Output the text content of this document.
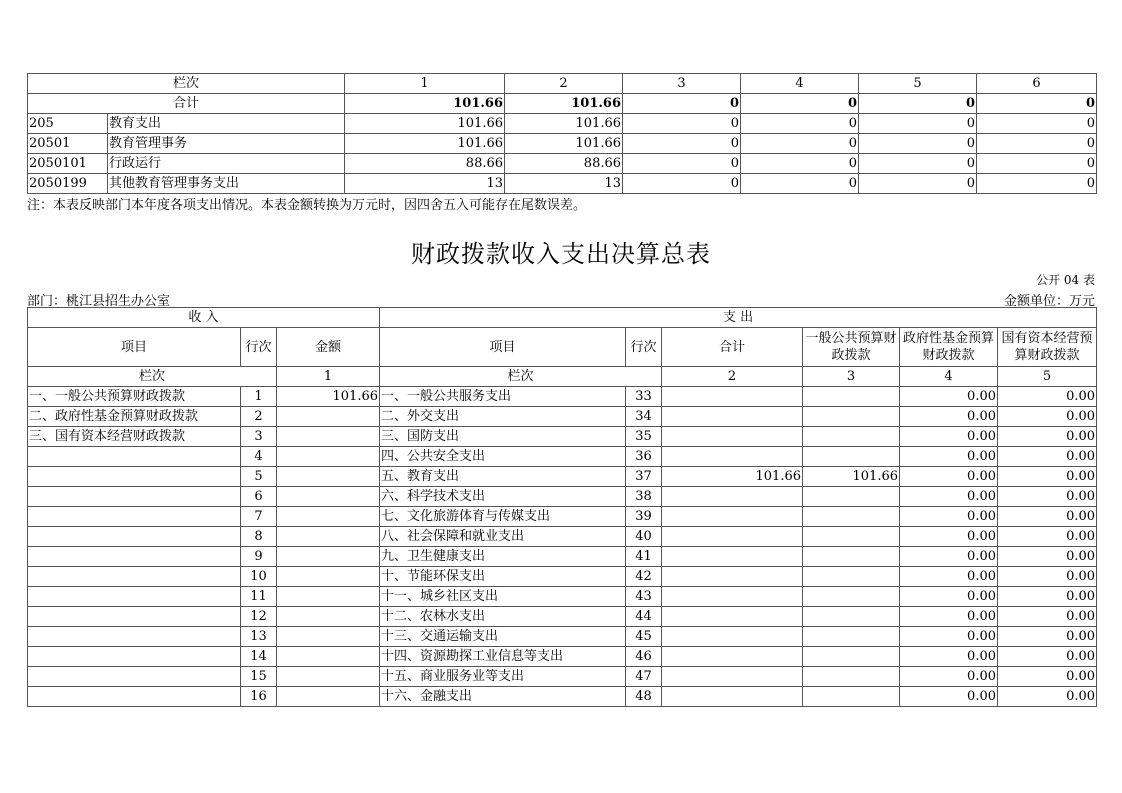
栏次		1	2	3	4	5	6
合计		101.66	101.66	0	0	0	0
205	教育支出	101.66	101.66	0	0	0	0
20501	教育管理事务	101.66	101.66	0	0	0	0
2050101	行政运行	88.66	88.66	0	0	0	0
2050199	其他教育管理事务支出	13	13	0	0	0	0
注：本表反映部门本年度各项支出情况。本表金额转换为万元时，因四舍五入可能存在尾数误差。
财政拨款收入支出决算总表
公开 04 表
部门：桃江县招生办公室	金额单位：万元
收 入			支 出					
项目	行次	金额	项目	行次	合计	一般公共预算财政拨款	政府性基金预算财政拨款	国有资本经营预算财政拨款
栏次		1	栏次		2	3	4	5
一、一般公共预算财政拨款	1	101.66	一、一般公共服务支出	33			0.00	0.00
二、政府性基金预算财政拨款	2		二、外交支出	34			0.00	0.00
三、国有资本经营财政拨款	3		三、国防支出	35			0.00	0.00
	4		四、公共安全支出	36			0.00	0.00
	5		五、教育支出	37	101.66	101.66	0.00	0.00
	6		六、科学技术支出	38			0.00	0.00
	7		七、文化旅游体育与传媒支出	39			0.00	0.00
	8		八、社会保障和就业支出	40			0.00	0.00
	9		九、卫生健康支出	41			0.00	0.00
	10		十、节能环保支出	42			0.00	0.00
	11		十一、城乡社区支出	43			0.00	0.00
	12		十二、农林水支出	44			0.00	0.00
	13		十三、交通运输支出	45			0.00	0.00
	14		十四、资源勘探工业信息等支出	46			0.00	0.00
	15		十五、商业服务业等支出	47			0.00	0.00
	16		十六、金融支出	48			0.00	0.00
